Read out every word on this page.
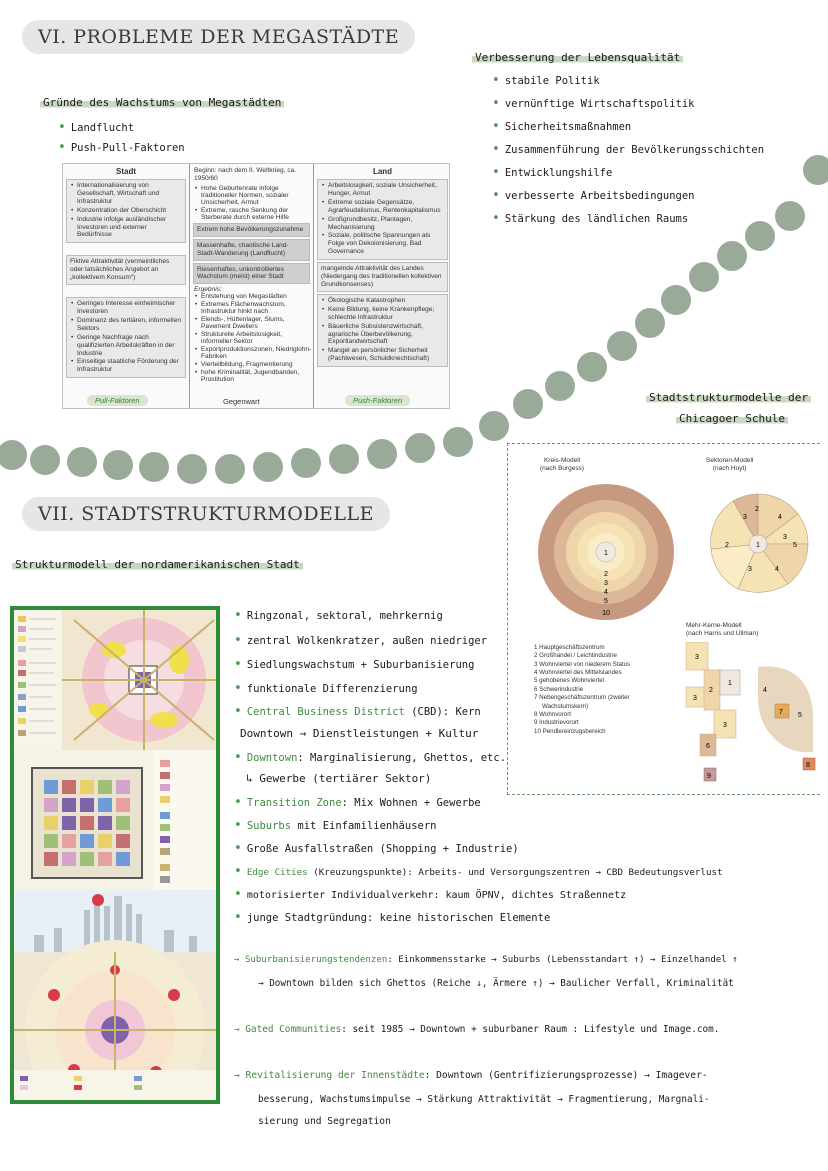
VI. PROBLEME DER MEGASTÄDTE
VII. STADTSTRUKTURMODELLE
Gründe des Wachstums von Megastädten
• Landflucht
• Push-Pull-Faktoren
Verbesserung der Lebensqualität
• stabile Politik
• vernünftige Wirtschaftspolitik
• Sicherheitsmaßnahmen
• Zusammenführung der Bevölkerungsschichten
• Entwicklungshilfe
• verbesserte Arbeitsbedingungen
• Stärkung des ländlichen Raums
Stadt
• Internationalisierung von Gesellschaft, Wirtschaft und Infrastruktur
• Konzentration der Oberschicht
• Industrie infolge ausländischer Investoren und externer Bedürfnisse
Fiktive Attraktivität (vermeintliches oder tatsächliches Angebot an „kollektivem Konsum“)
• Geringes Interesse einheimischer Investoren
• Dominanz des tertiären, informellen Sektors
• Geringe Nachfrage nach qualifizierten Arbeitskräften in der Industrie
• Einseitige staatliche Förderung der Infrastruktur
Pull-Faktoren
Beginn: nach dem II. Weltkrieg, ca. 1950/60
• Hohe Geburtenrate infolge traditioneller Normen, sozialer Unsicherheit, Armut
• Extreme, rasche Senkung der Sterberate durch externe Hilfe
Extrem hohe Bevölkerungszunahme
Massenhafte, chaotische Land-Stadt-Wanderung (Landflucht)
Riesenhaftes, unkontrolliertes Wachstum (meist) einer Stadt
Ergebnis:
• Entstehung von Megastädten
• Extremes Flächenwachstum, Infrastruktur hinkt nach
• Elends-, Hüttenlager, Slums, Pavement Dwellers
• Strukturelle Arbeitslosigkeit, informeller Sektor
• Exportproduktionszonen, Niedriglohn-Fabriken
• Vierteilbildung, Fragmentierung
• hohe Kriminalität, Jugendbanden, Prostitution
Gegenwart
Land
• Arbeitslosigkeit, soziale Unsicherheit, Hunger, Armut
• Extreme soziale Gegensätze, Agrarfeudalismus, Rentenkapitalismus
• Großgrundbesitz, Plantagen, Mechanisierung
• Soziale, politische Spannungen als Folge von Dekolonisierung, Bad Governance
mangelnde Attraktivität des Landes (Niedergang des traditionellen kollektiven Grundkonsenses)
• Ökologische Katastrophen
• Keine Bildung, keine Krankenpflege; schlechte Infrastruktur
• Bäuerliche Subsistenzwirtschaft, agrarische Überbevölkerung, Exportlandwirtschaft
• Mangel an persönlicher Sicherheit (Pachtwesen, Schuldknechtschaft)
Push-Faktoren	Stadtstrukturmodelle der
Chicagoer Schule
Kreis-Modell
(nach Burgess)
Sektoren-Modell
(nach Hoyt)
Mehr-Kerne-Modell
(nach Harris und Ullman)
1
2
3
4
5
10
1
3
2
4
3
5
4
3
2
1 Hauptgeschäftszentrum
2 Großhandel / Leichtindustrie
3 Wohnviertel von niederem Status
4 Wohnviertel des Mittelstandes
5 gehobenes Wohnviertel
6 Schwerindustrie
7 Nebengeschäftszentrum (zweiter
Wachstumskern)
8 Wohnvorort
9 Industrievorort
10 Pendlereinzugsbereich
3
3
2
1
3
6
7
4
5
9
8
Strukturmodell der nordamerikanischen Stadt
• Ringzonal, sektoral, mehrkernig
• zentral Wolkenkratzer, außen niedriger
• Siedlungswachstum + Suburbanisierung
• funktionale Differenzierung
• Central Business District (CBD): Kern
Downtown → Dienstleistungen + Kultur
• Downtown: Marginalisierung, Ghettos, etc.
↳ Gewerbe (tertiärer Sektor)
• Transition Zone: Mix Wohnen + Gewerbe
• Suburbs mit Einfamilienhäusern
• Große Ausfallstraßen (Shopping + Industrie)
• Edge Cities (Kreuzungspunkte): Arbeits- und Versorgungszentren → CBD Bedeutungsverlust
• motorisierter Individualverkehr: kaum ÖPNV, dichtes Straßennetz
• junge Stadtgründung: keine historischen Elemente
→ Suburbanisierungstendenzen: Einkommensstarke → Suburbs (Lebensstandart ↑) → Einzelhandel ↑
→ Downtown bilden sich Ghettos (Reiche ↓, Ärmere ↑) → Baulicher Verfall, Kriminalität
→ Gated Communities: seit 1985 → Downtown + suburbaner Raum : Lifestyle und Image.com.
→ Revitalisierung der Innenstädte: Downtown (Gentrifizierungsprozesse) → Imagever-
besserung, Wachstumsimpulse → Stärkung Attraktivität → Fragmentierung, Margnali-
sierung und Segregation
